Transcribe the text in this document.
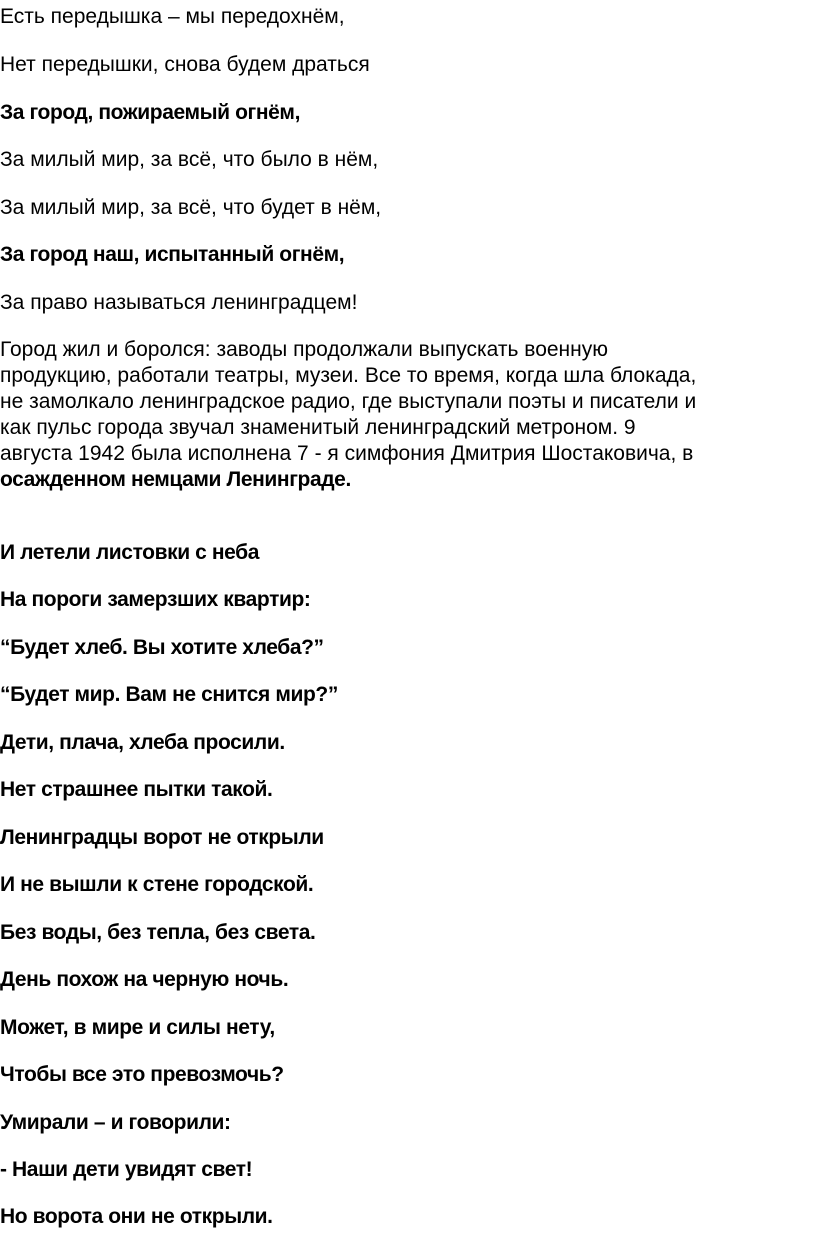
Есть передышка – мы передохнём,

Нет передышки, снова будем драться

За город, пожираемый огнём,

За милый мир, за всё, что было в нём,

За милый мир, за всё, что будет в нём,

За город наш, испытанный огнём,

За право называться ленинградцем!

Город жил и боролся: заводы продолжали выпускать военную
продукцию, работали театры, музеи. Все то время, когда шла блокада,
не замолкало ленинградское радио, где выступали поэты и писатели и
как пульс города звучал знаменитый ленинградский метроном. 9
августа 1942 была исполнена 7 - я симфония Дмитрия Шостаковича, в
осажденном немцами Ленинграде.

И летели листовки с неба

На пороги замерзших квартир:

“Будет хлеб. Вы хотите хлеба?”

“Будет мир. Вам не снится мир?”

Дети, плача, хлеба просили.

Нет страшнее пытки такой.

Ленинградцы ворот не открыли

И не вышли к стене городской.

Без воды, без тепла, без света.

День похож на черную ночь.

Может, в мире и силы нету,

Чтобы все это превозмочь?

Умирали – и говорили:

- Наши дети увидят свет!

Но ворота они не открыли.
